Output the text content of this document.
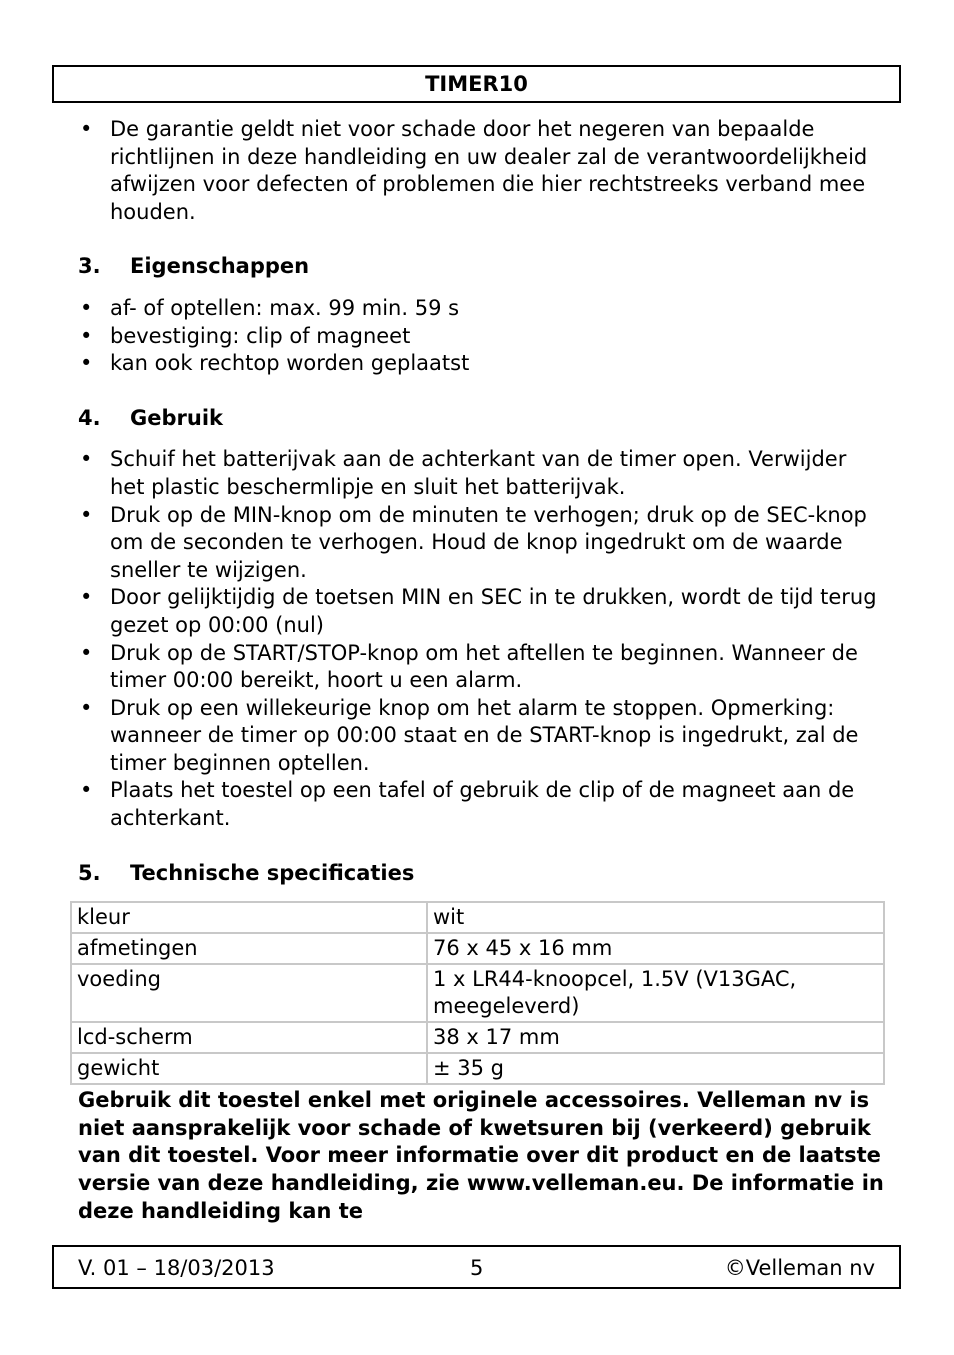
TIMER10
• De garantie geldt niet voor schade door het negeren van bepaalde richtlijnen in deze handleiding en uw dealer zal de verantwoordelijkheid afwijzen voor defecten of problemen die hier rechtstreeks verband mee houden.
3.	Eigenschappen
• af- of optellen: max. 99 min. 59 s
• bevestiging: clip of magneet
• kan ook rechtop worden geplaatst
4.	Gebruik
• Schuif het batterijvak aan de achterkant van de timer open. Verwijder het plastic beschermlipje en sluit het batterijvak.
• Druk op de MIN-knop om de minuten te verhogen; druk op de SEC-knop om de seconden te verhogen. Houd de knop ingedrukt om de waarde sneller te wijzigen.
• Door gelijktijdig de toetsen MIN en SEC in te drukken, wordt de tijd terug gezet op 00:00 (nul)
• Druk op de START/STOP-knop om het aftellen te beginnen. Wanneer de timer 00:00 bereikt, hoort u een alarm.
• Druk op een willekeurige knop om het alarm te stoppen. Opmerking: wanneer de timer op 00:00 staat en de START-knop is ingedrukt, zal de timer beginnen optellen.
• Plaats het toestel op een tafel of gebruik de clip of de magneet aan de achterkant.
5.	Technische specificaties
kleur	wit
afmetingen	76 x 45 x 16 mm
voeding	1 x LR44-knoopcel, 1.5V (V13GAC, meegeleverd)
lcd-scherm	38 x 17 mm
gewicht	± 35 g
Gebruik dit toestel enkel met originele accessoires. Velleman nv is niet aansprakelijk voor schade of kwetsuren bij (verkeerd) gebruik van dit toestel. Voor meer informatie over dit product en de laatste versie van deze handleiding, zie www.velleman.eu. De informatie in deze handleiding kan te
V. 01 – 18/03/2013	5	©Velleman nv
